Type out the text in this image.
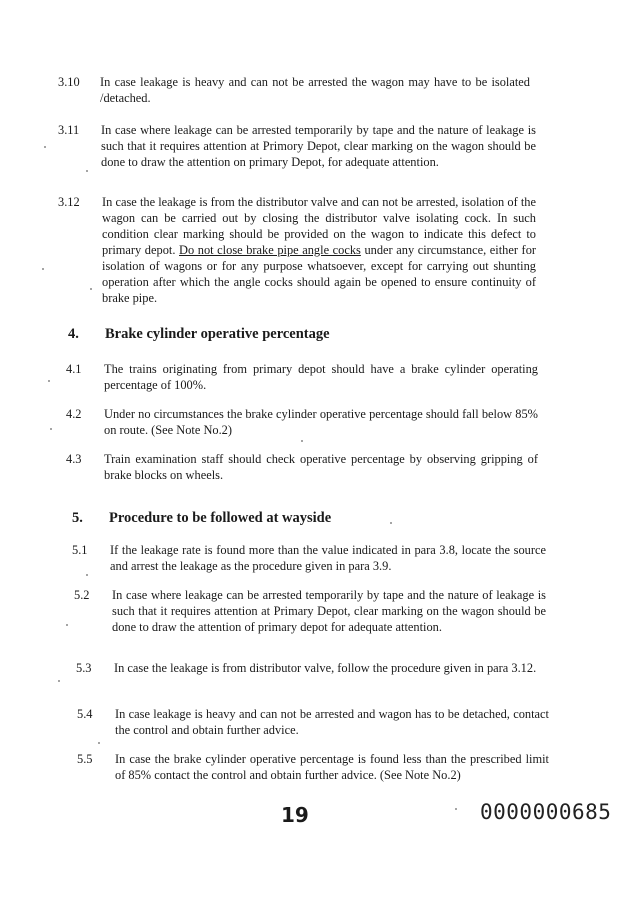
3.10 In case leakage is heavy and can not be arrested the wagon may have to be isolated /detached.
3.11 In case where leakage can be arrested temporarily by tape and the nature of leakage is such that it requires attention at Primory Depot, clear marking on the wagon should be done to draw the attention on primary Depot, for adequate attention.
3.12 In case the leakage is from the distributor valve and can not be arrested, isolation of the wagon can be carried out by closing the distributor valve isolating cock. In such condition clear marking should be provided on the wagon to indicate this defect to primary depot. Do not close brake pipe angle cocks under any circumstance, either for isolation of wagons or for any purpose whatsoever, except for carrying out shunting operation after which the angle cocks should again be opened to ensure continuity of brake pipe.
4. Brake cylinder operative percentage
4.1 The trains originating from primary depot should have a brake cylinder operating percentage of 100%.
4.2 Under no circumstances the brake cylinder operative percentage should fall below 85% on route. (See Note No.2)
4.3 Train examination staff should check operative percentage by observing gripping of brake blocks on wheels.
5. Procedure to be followed at wayside
5.1 If the leakage rate is found more than the value indicated in para 3.8, locate the source and arrest the leakage as the procedure given in para 3.9.
5.2 In case where leakage can be arrested temporarily by tape and the nature of leakage is such that it requires attention at Primary Depot, clear marking on the wagon should be done to draw the attention of primary depot for adequate attention.
5.3 In case the leakage is from distributor valve, follow the procedure given in para 3.12.
5.4 In case leakage is heavy and can not be arrested and wagon has to be detached, contact the control and obtain further advice.
5.5 In case the brake cylinder operative percentage is found less than the prescribed limit of 85% contact the control and obtain further advice. (See Note No.2)
19	0000000685
